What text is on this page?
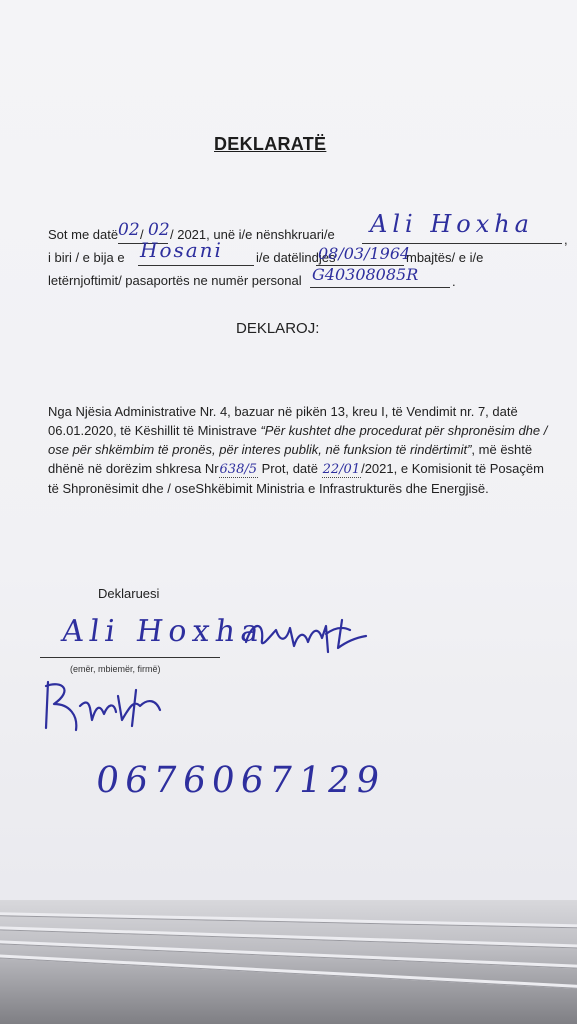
DEKLARATË
Sot me datë 02 / 02 / 2021, unë i/e nënshkruari/e Ali Hoxha
,
i biri / e bija e Hosani	i/e datëlindjes
08/03/1964
mbajtës/ e i/e
letërnjoftimit/ pasaportës ne numër personal G40308085R	.
DEKLAROJ:
Nga Njësia Administrative Nr. 4, bazuar në pikën 13, kreu I, të Vendimit nr. 7, datë 06.01.2020, të Këshillit të Ministrave “Për kushtet dhe procedurat për shpronësim dhe / ose për shkëmbim të pronës, për interes publik, në funksion të rindërtimit”, më është dhënë në dorëzim shkresa Nr638/5 Prot, datë 22/01/2021, e Komisionit të Posaçëm të Shpronësimit dhe / oseShkëbimit Ministria e Infrastrukturës dhe Energjisë.
Deklaruesi
Ali Hoxha
(emër, mbiemër, firmë)
0676067129
